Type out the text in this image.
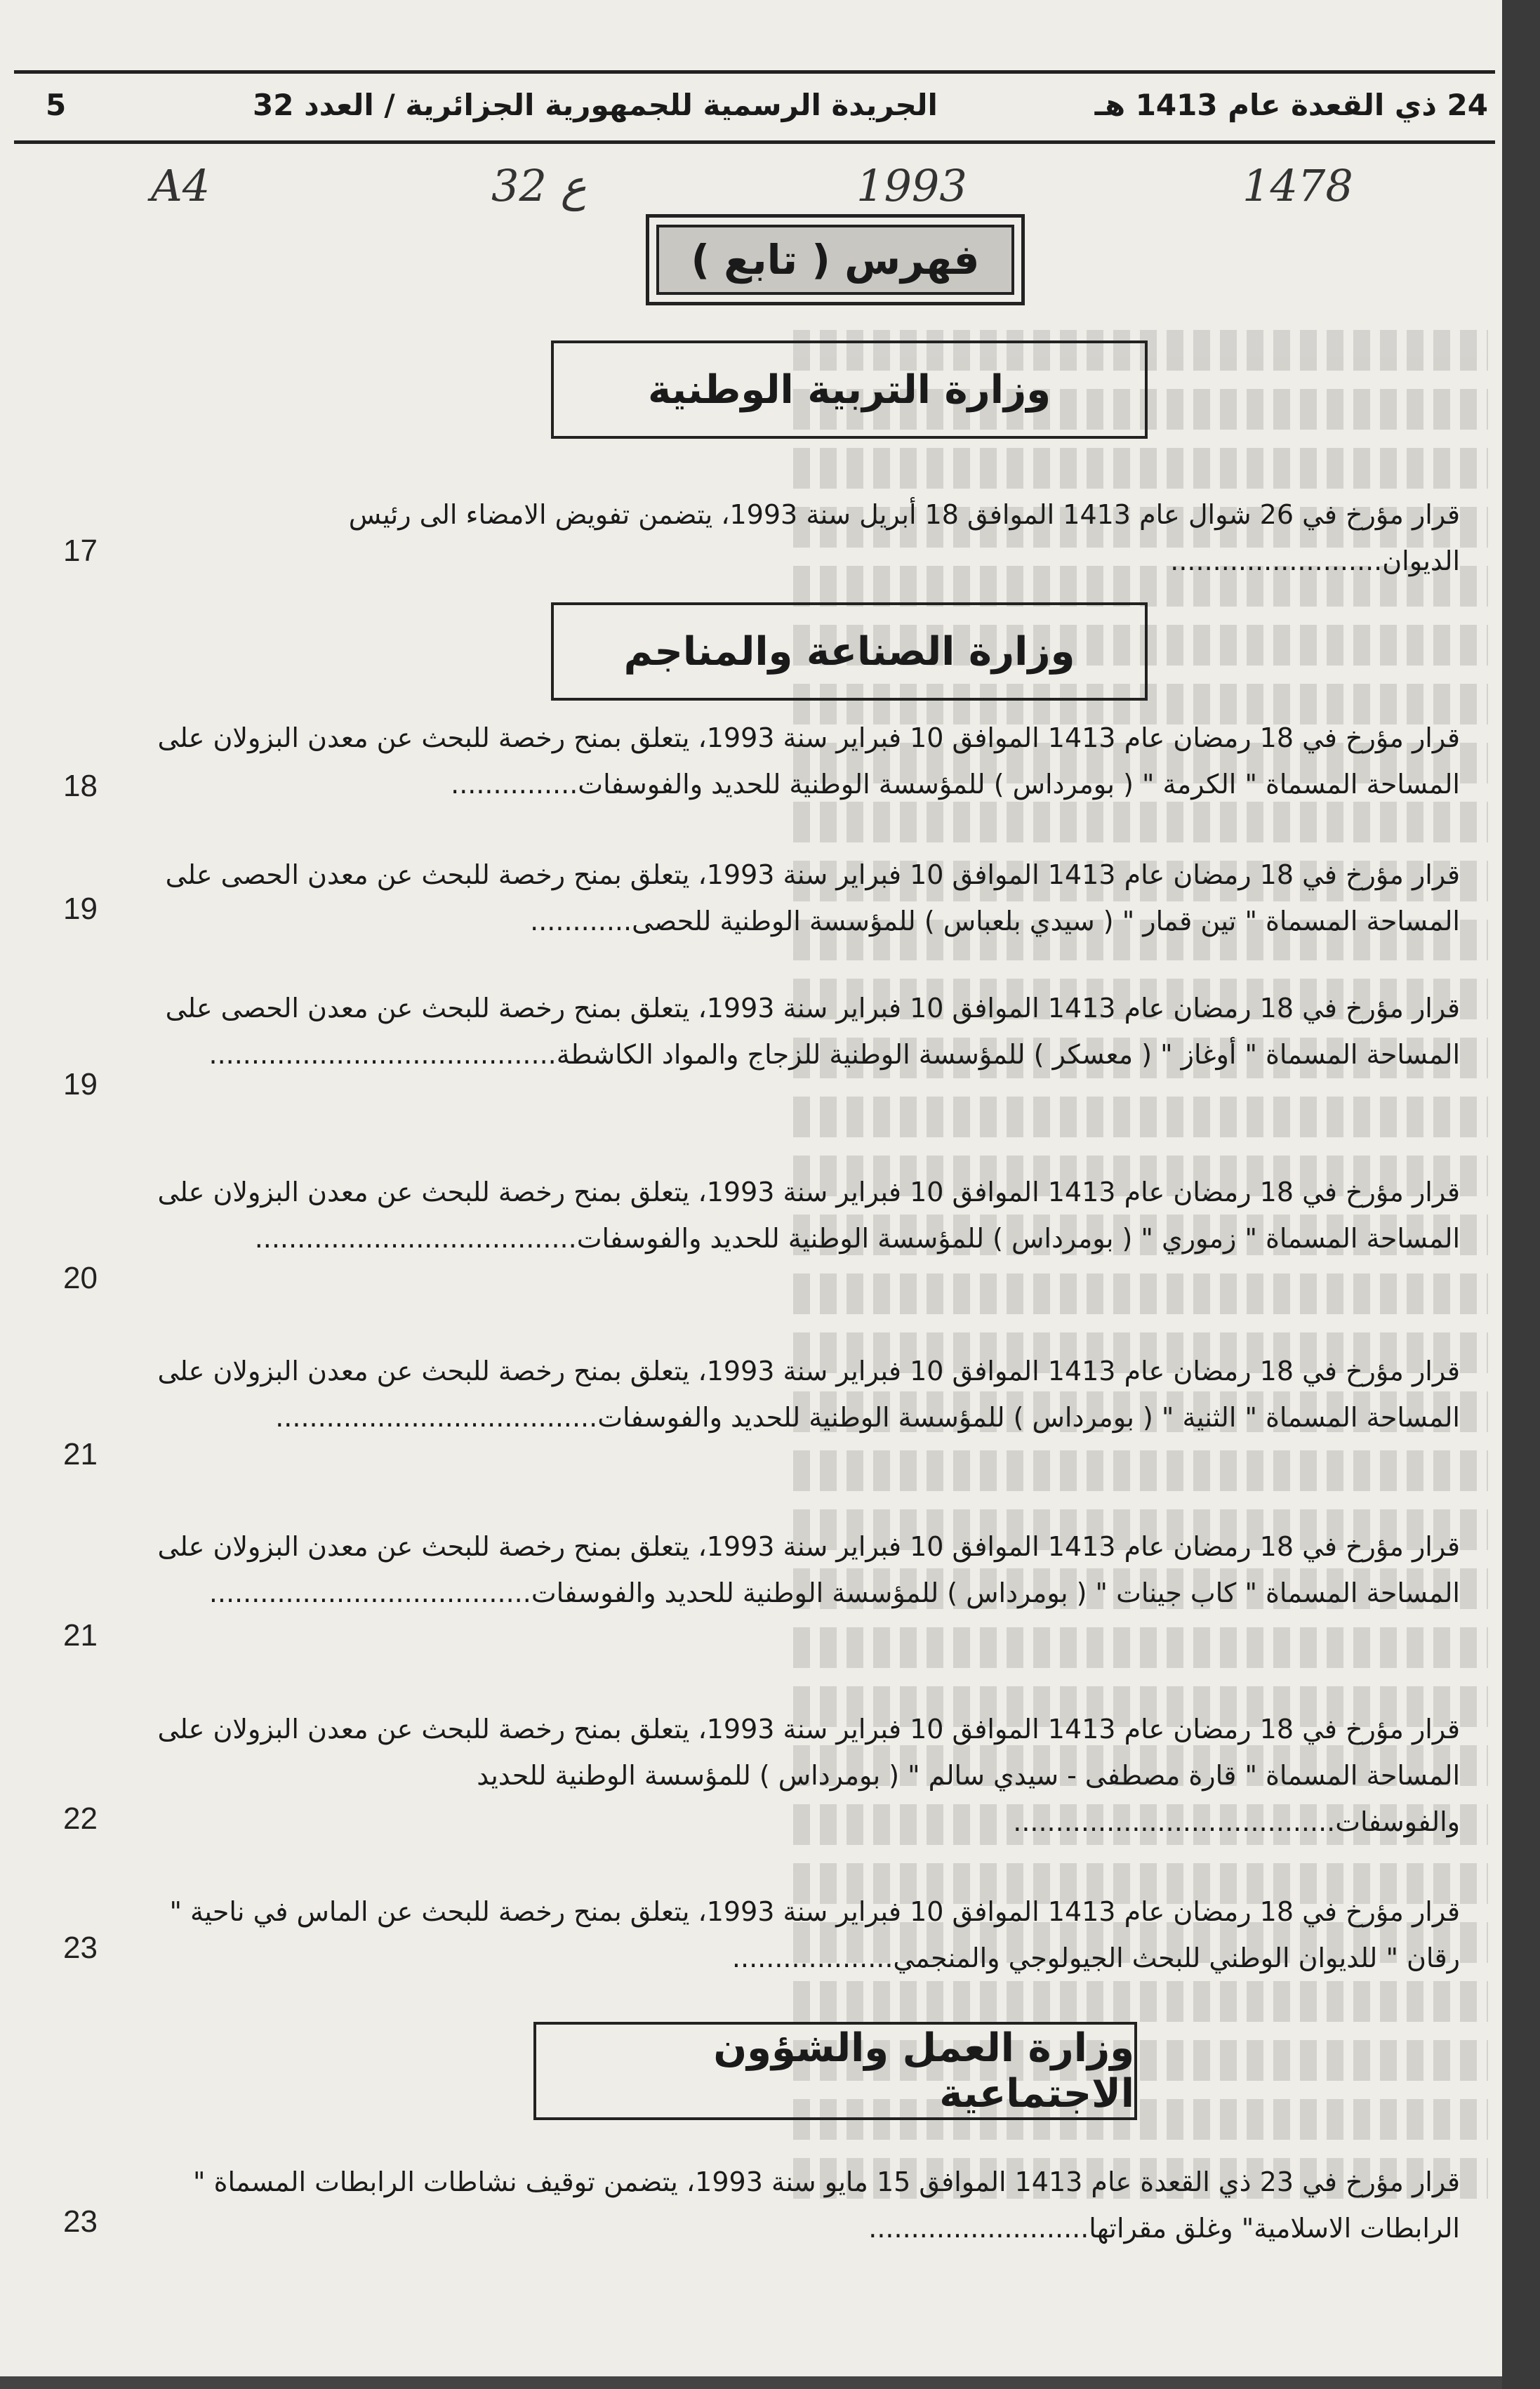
24 ذي القعدة عام 1413 هـ
الجريدة الرسمية للجمهورية الجزائرية / العدد 32
5
1478
1993
32 ع
A4
فهرس ( تابع )
وزارة التربية الوطنية
قرار مؤرخ في 26 شوال عام 1413 الموافق 18 أبريل سنة 1993، يتضمن تفويض الامضاء الى رئيس الديوان.........................
17
وزارة الصناعة والمناجم
قرار مؤرخ في 18 رمضان عام 1413 الموافق 10 فبراير سنة 1993، يتعلق بمنح رخصة للبحث عن معدن البزولان على المساحة المسماة " الكرمة " ( بومرداس ) للمؤسسة الوطنية للحديد والفوسفات...............
18
قرار مؤرخ في 18 رمضان عام 1413 الموافق 10 فبراير سنة 1993، يتعلق بمنح رخصة للبحث عن معدن الحصى على المساحة المسماة " تين قمار " ( سيدي بلعباس ) للمؤسسة الوطنية للحصى............
19
قرار مؤرخ في 18 رمضان عام 1413 الموافق 10 فبراير سنة 1993، يتعلق بمنح رخصة للبحث عن معدن الحصى على المساحة المسماة " أوغاز " ( معسكر ) للمؤسسة الوطنية للزجاج والمواد الكاشطة.........................................
19
قرار مؤرخ في 18 رمضان عام 1413 الموافق 10 فبراير سنة 1993، يتعلق بمنح رخصة للبحث عن معدن البزولان على المساحة المسماة " زموري " ( بومرداس ) للمؤسسة الوطنية للحديد والفوسفات......................................
20
قرار مؤرخ في 18 رمضان عام 1413 الموافق 10 فبراير سنة 1993، يتعلق بمنح رخصة للبحث عن معدن البزولان على المساحة المسماة " الثنية " ( بومرداس ) للمؤسسة الوطنية للحديد والفوسفات......................................
21
قرار مؤرخ في 18 رمضان عام 1413 الموافق 10 فبراير سنة 1993، يتعلق بمنح رخصة للبحث عن معدن البزولان على المساحة المسماة " كاب جينات " ( بومرداس ) للمؤسسة الوطنية للحديد والفوسفات......................................
21
قرار مؤرخ في 18 رمضان عام 1413 الموافق 10 فبراير سنة 1993، يتعلق بمنح رخصة للبحث عن معدن البزولان على المساحة المسماة " قارة مصطفى - سيدي سالم " ( بومرداس ) للمؤسسة الوطنية للحديد والفوسفات......................................
22
قرار مؤرخ في 18 رمضان عام 1413 الموافق 10 فبراير سنة 1993، يتعلق بمنح رخصة للبحث عن الماس في ناحية " رقان " للديوان الوطني للبحث الجيولوجي والمنجمي...................
23
وزارة العمل والشؤون الاجتماعية
قرار مؤرخ في 23 ذي القعدة عام 1413 الموافق 15 مايو سنة 1993، يتضمن توقيف نشاطات الرابطات المسماة " الرابطات الاسلامية" وغلق مقراتها..........................
23
